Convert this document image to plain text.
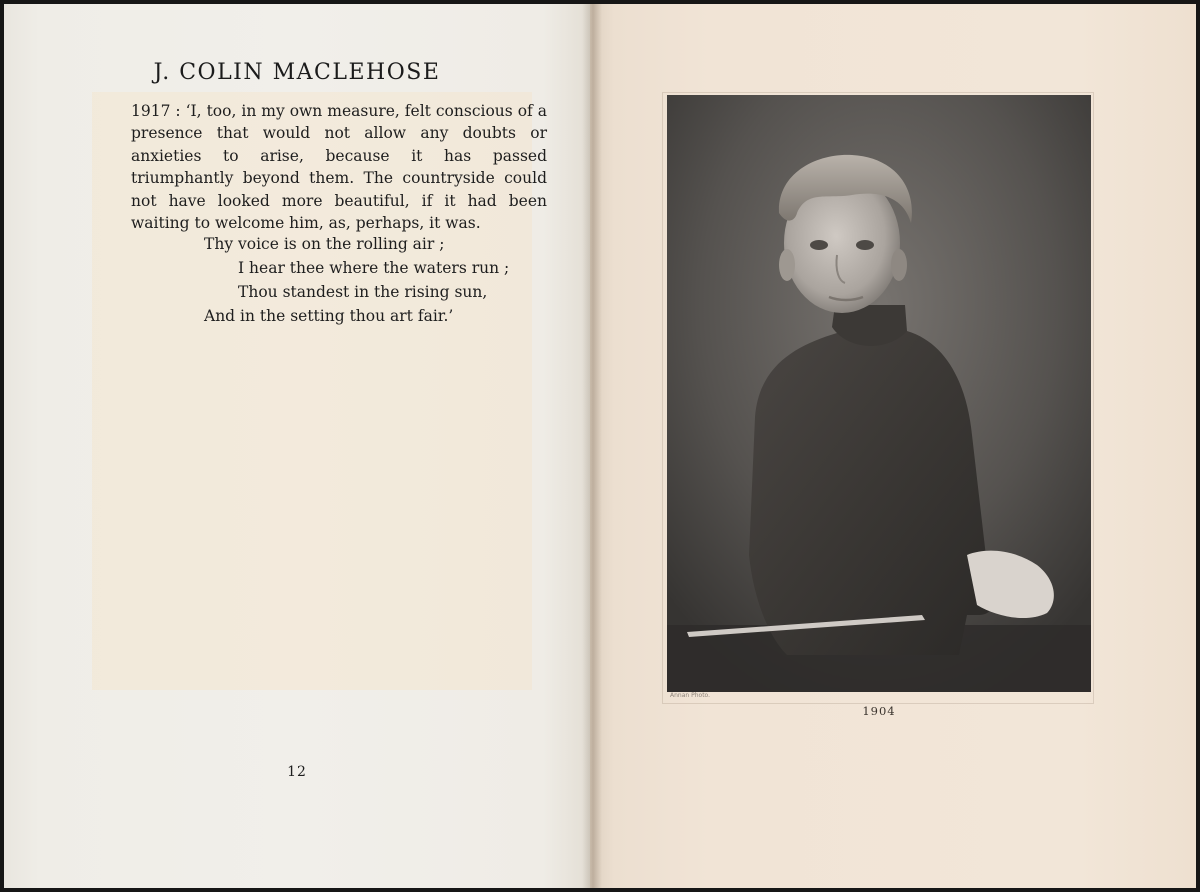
J. COLIN MACLEHOSE

1917 : ‘I, too, in my own measure, felt conscious of a presence that would not allow any doubts or anxieties to arise, because it has passed triumphantly beyond them. The countryside could not have looked more beautiful, if it had been waiting to welcome him, as, perhaps, it was.

Thy voice is on the rolling air ;
I hear thee where the waters run ;
Thou standest in the rising sun,
And in the setting thou art fair.’
12
Annan Photo.
1904
